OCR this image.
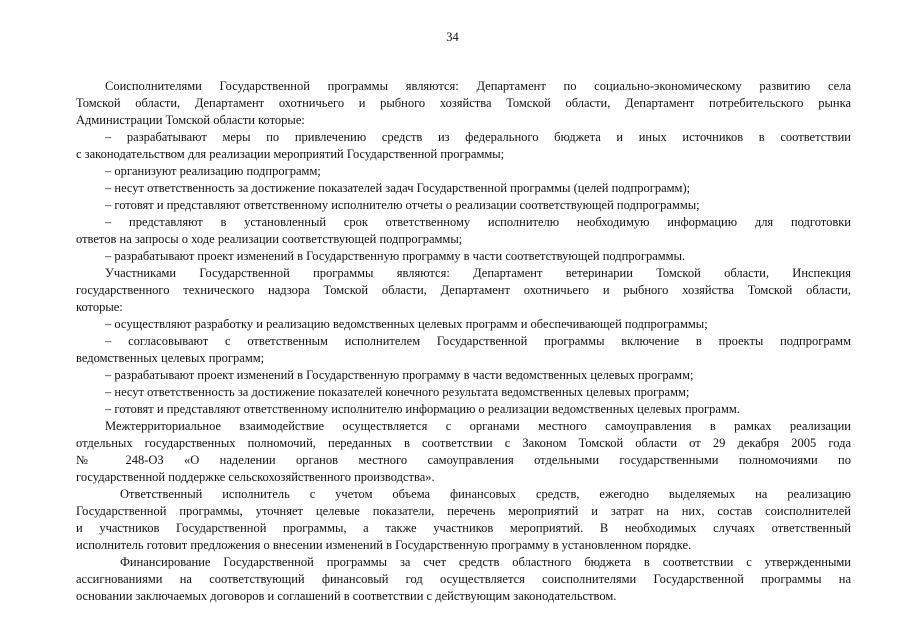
34
Соисполнителями Государственной программы являются: Департамент по социально-экономическому развитию села
Томской области, Департамент охотничьего и рыбного хозяйства Томской области, Департамент потребительского рынка
Администрации Томской области которые:
– разрабатывают меры по привлечению средств из федерального бюджета и иных источников в соответствии
с законодательством для реализации мероприятий Государственной программы;
– организуют реализацию подпрограмм;
– несут ответственность за достижение показателей задач Государственной программы (целей подпрограмм);
– готовят и представляют ответственному исполнителю отчеты о реализации соответствующей подпрограммы;
– представляют в установленный срок ответственному исполнителю необходимую информацию для подготовки
ответов на запросы о ходе реализации соответствующей подпрограммы;
– разрабатывают проект изменений в Государственную программу в части соответствующей подпрограммы.
Участниками Государственной программы являются: Департамент ветеринарии Томской области, Инспекция
государственного технического надзора Томской области, Департамент охотничьего и рыбного хозяйства Томской области,
которые:
– осуществляют разработку и реализацию ведомственных целевых программ и обеспечивающей подпрограммы;
– согласовывают с ответственным исполнителем Государственной программы включение в проекты подпрограмм
ведомственных целевых программ;
– разрабатывают проект изменений в Государственную программу в части ведомственных целевых программ;
– несут ответственность за достижение показателей конечного результата ведомственных целевых программ;
– готовят и представляют ответственному исполнителю информацию о реализации ведомственных целевых программ.
Межтерриториальное взаимодействие осуществляется с органами местного самоуправления в рамках реализации
отдельных государственных полномочий, переданных в соответствии с Законом Томской области от 29 декабря 2005 года
№ 248-ОЗ «О наделении органов местного самоуправления отдельными государственными полномочиями по
государственной поддержке сельскохозяйственного производства».
Ответственный исполнитель с учетом объема финансовых средств, ежегодно выделяемых на реализацию
Государственной программы, уточняет целевые показатели, перечень мероприятий и затрат на них, состав соисполнителей
и участников Государственной программы, а также участников мероприятий. В необходимых случаях ответственный
исполнитель готовит предложения о внесении изменений в Государственную программу в установленном порядке.
Финансирование Государственной программы за счет средств областного бюджета в соответствии с утвержденными
ассигнованиями на соответствующий финансовый год осуществляется соисполнителями Государственной программы на
основании заключаемых договоров и соглашений в соответствии с действующим законодательством.
